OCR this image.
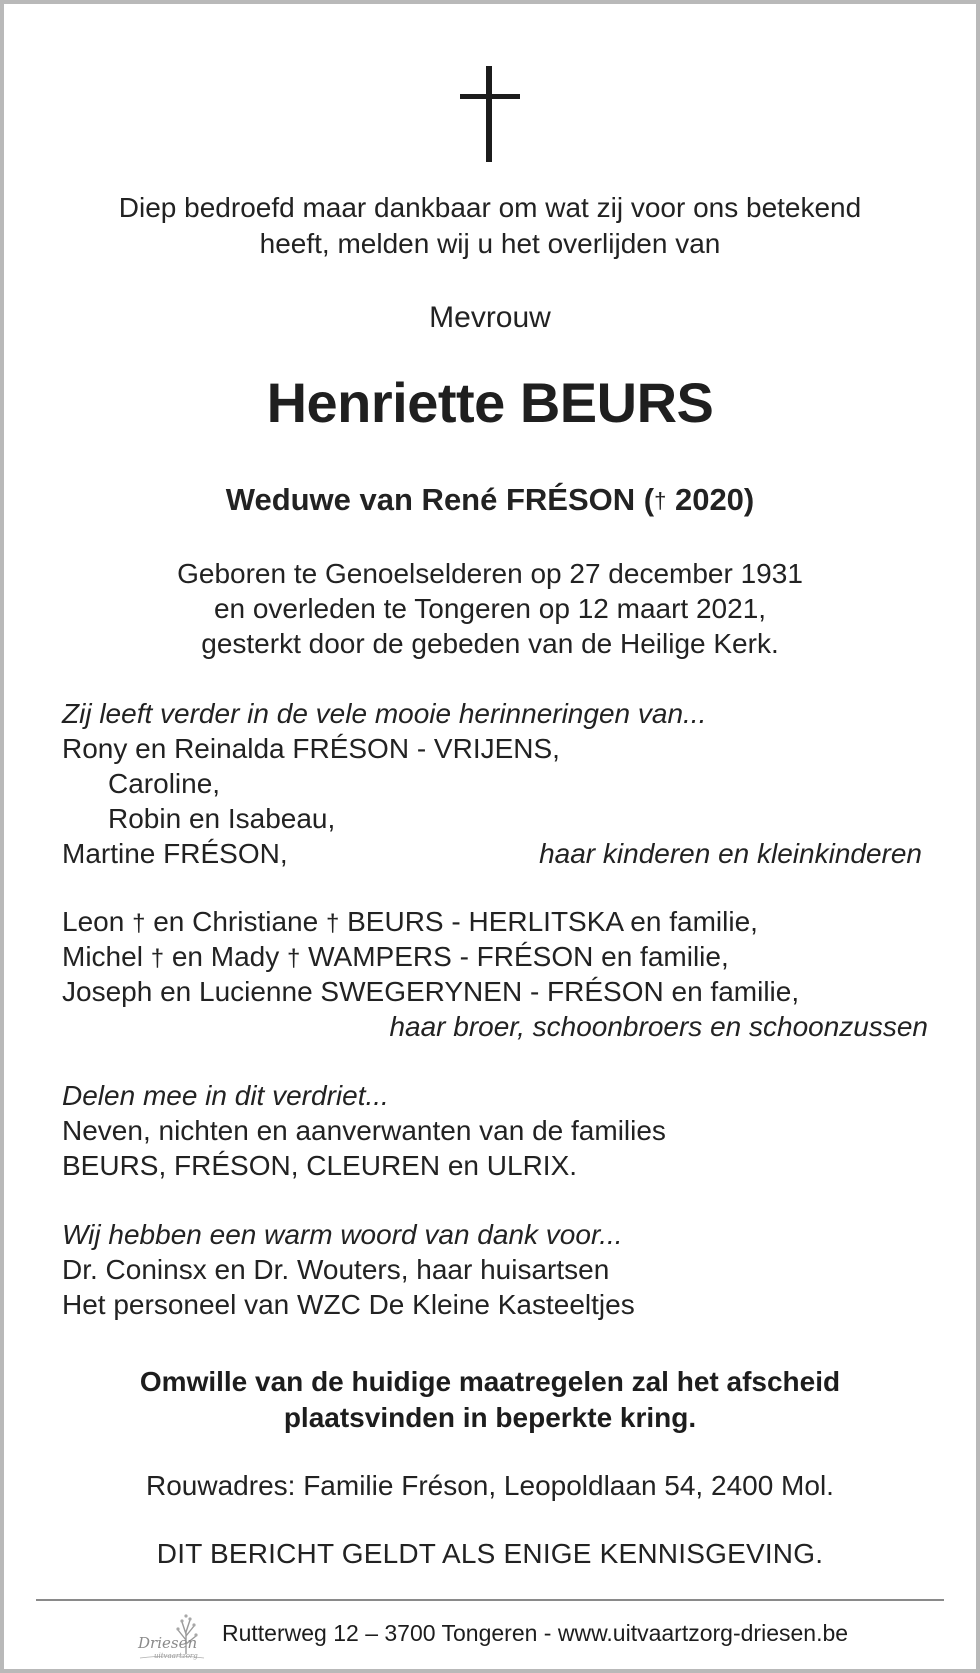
Diep bedroefd maar dankbaar om wat zij voor ons betekend
heeft, melden wij u het overlijden van
Mevrouw
Henriette BEURS
Weduwe van René FRÉSON († 2020)
Geboren te Genoelselderen op 27 december 1931
en overleden te Tongeren op 12 maart 2021,
gesterkt door de gebeden van de Heilige Kerk.
Zij leeft verder in de vele mooie herinneringen van...
Rony en Reinalda FRÉSON - VRIJENS,
Caroline,
Robin en Isabeau,
Martine FRÉSON,	haar kinderen en kleinkinderen
Leon † en Christiane † BEURS - HERLITSKA en familie,
Michel † en Mady † WAMPERS - FRÉSON en familie,
Joseph en Lucienne SWEGERYNEN - FRÉSON en familie,
haar broer, schoonbroers en schoonzussen
Delen mee in dit verdriet...
Neven, nichten en aanverwanten van de families
BEURS, FRÉSON, CLEUREN en ULRIX.
Wij hebben een warm woord van dank voor...
Dr. Coninsx en Dr. Wouters, haar huisartsen
Het personeel van WZC De Kleine Kasteeltjes
Omwille van de huidige maatregelen zal het afscheid
plaatsvinden in beperkte kring.
Rouwadres: Familie Fréson, Leopoldlaan 54, 2400 Mol.
DIT BERICHT GELDT ALS ENIGE KENNISGEVING.
Driesen
uitvaartzorg
Rutterweg 12 – 3700 Tongeren - www.uitvaartzorg-driesen.be
